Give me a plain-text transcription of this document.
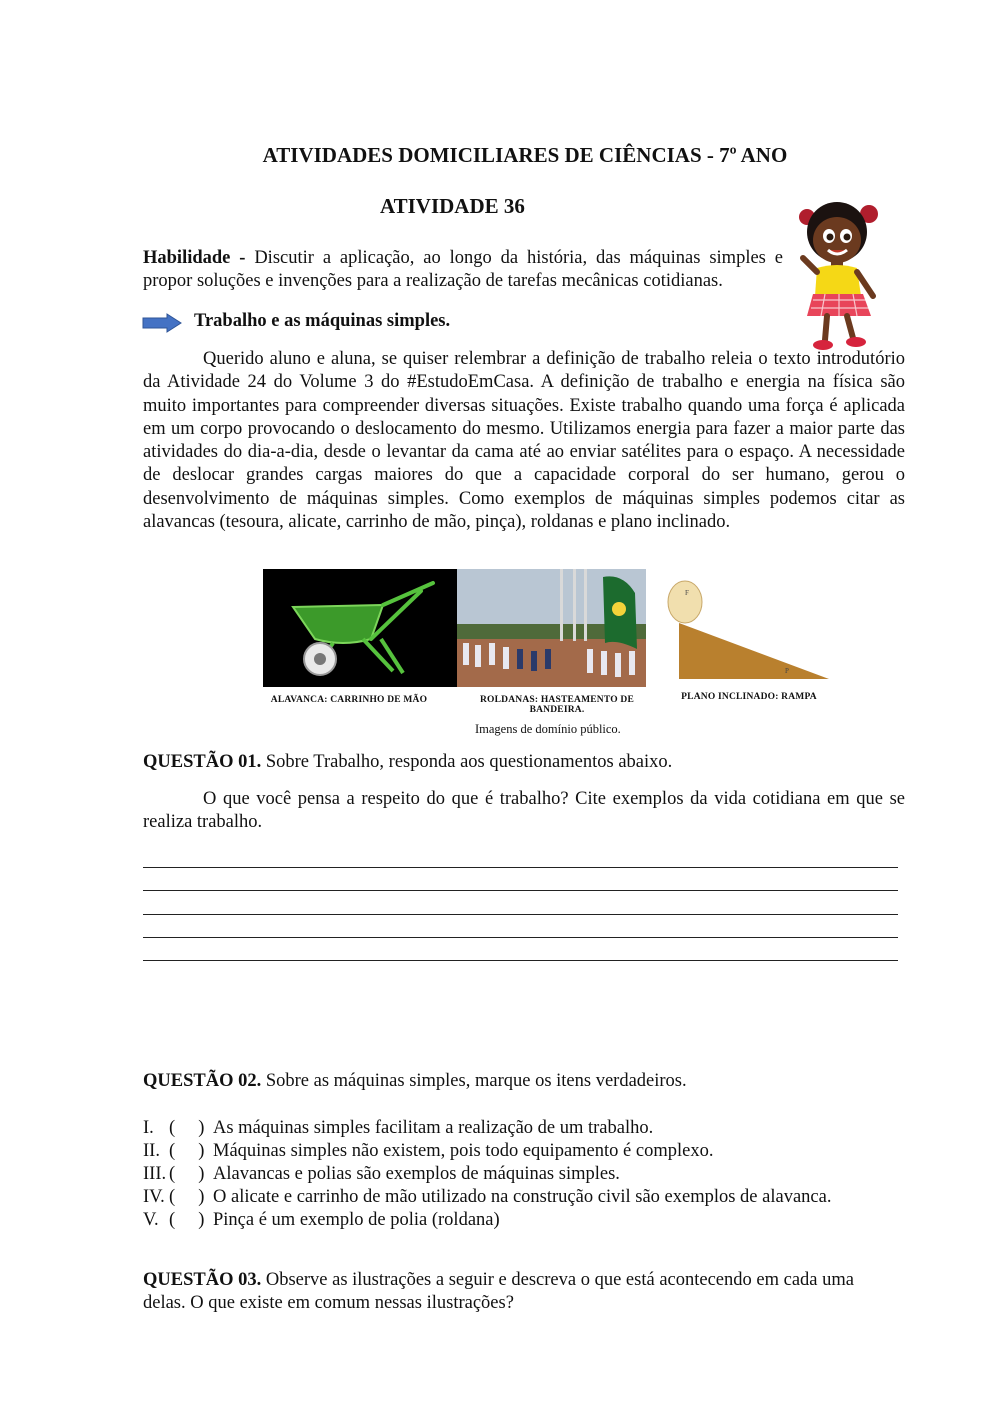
ATIVIDADES DOMICILIARES DE CIÊNCIAS - 7º ANO
ATIVIDADE 36
Habilidade - Discutir a aplicação, ao longo da história, das máquinas simples e propor soluções e invenções para a realização de tarefas mecânicas cotidianas.
Trabalho e as máquinas simples.
Querido aluno e aluna, se quiser relembrar a definição de trabalho releia o texto introdutório da Atividade 24 do Volume 3 do #EstudoEmCasa. A definição de trabalho e energia na física são muito importantes para compreender diversas situações. Existe trabalho quando uma força é aplicada em um corpo provocando o deslocamento do mesmo. Utilizamos energia para fazer a maior parte das atividades do dia-a-dia, desde o levantar da cama até ao enviar satélites para o espaço. A necessidade de deslocar grandes cargas maiores do que a capacidade corporal do ser humano, gerou o desenvolvimento de máquinas simples. Como exemplos de máquinas simples podemos citar as alavancas (tesoura, alicate, carrinho de mão, pinça), roldanas e plano inclinado.
ALAVANCA: CARRINHO DE MÃO	ROLDANAS: HASTEAMENTO DE BANDEIRA.
F
P
PLANO INCLINADO: RAMPA
Imagens de domínio público.
QUESTÃO 01. Sobre Trabalho, responda aos questionamentos abaixo.
O que você pensa a respeito do que é trabalho? Cite exemplos da vida cotidiana em que se realiza trabalho.
QUESTÃO 02. Sobre as máquinas simples, marque os itens verdadeiros.
I. (     ) As máquinas simples facilitam a realização de um trabalho.
II. (     ) Máquinas simples não existem, pois todo equipamento é complexo.
III. (     ) Alavancas e polias são exemplos de máquinas simples.
IV. (     ) O alicate e carrinho de mão utilizado na construção civil são exemplos de alavanca.
V. (     ) Pinça é um exemplo de polia (roldana)
QUESTÃO 03. Observe as ilustrações a seguir e descreva o que está acontecendo em cada uma delas. O que existe em comum nessas ilustrações?
